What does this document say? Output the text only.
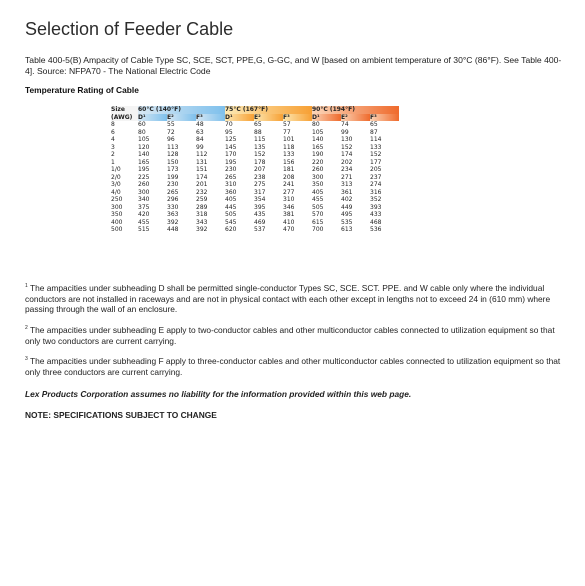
Selection of Feeder Cable

Table 400-5(B) Ampacity of Cable Type SC, SCE, SCT, PPE,G, G-GC, and W [based on ambient temperature of 30°C (86°F). See Table 400-4]. Source: NFPA70 - The National Electric Code

Temperature Rating of Cable

Size	60°C (140°F)			75°C (167°F)			90°C (194°F)		
(AWG)	D¹	E²	F³	D¹	E²	F³	D¹	E²	F³
8	60	55	48	70	65	57	80	74	65
6	80	72	63	95	88	77	105	99	87
4	105	96	84	125	115	101	140	130	114
3	120	113	99	145	135	118	165	152	133
2	140	128	112	170	152	133	190	174	152
1	165	150	131	195	178	156	220	202	177
1/0	195	173	151	230	207	181	260	234	205
2/0	225	199	174	265	238	208	300	271	237
3/0	260	230	201	310	275	241	350	313	274
4/0	300	265	232	360	317	277	405	361	316
250	340	296	259	405	354	310	455	402	352
300	375	330	289	445	395	346	505	449	393
350	420	363	318	505	435	381	570	495	433
400	455	392	343	545	469	410	615	535	468
500	515	448	392	620	537	470	700	613	536

$^1$ The ampacities under subheading D shall be permitted single-conductor Types SC, SCE. SCT. PPE. and W cable only where the individual conductors are not installed in raceways and are not in physical contact with each other except in lengths not to exceed 24 in (610 mm) where passing through the wall of an enclosure.

$^2$ The ampacities under subheading E apply to two-conductor cables and other multiconductor cables connected to utilization equipment so that only two conductors are current carrying.

$^3$ The ampacities under subheading F apply to three-conductor cables and other multiconductor cables connected to utilization equipment so that only three conductors are current carrying.

Lex Products Corporation assumes no liability for the information provided within this web page.

NOTE: SPECIFICATIONS SUBJECT TO CHANGE
